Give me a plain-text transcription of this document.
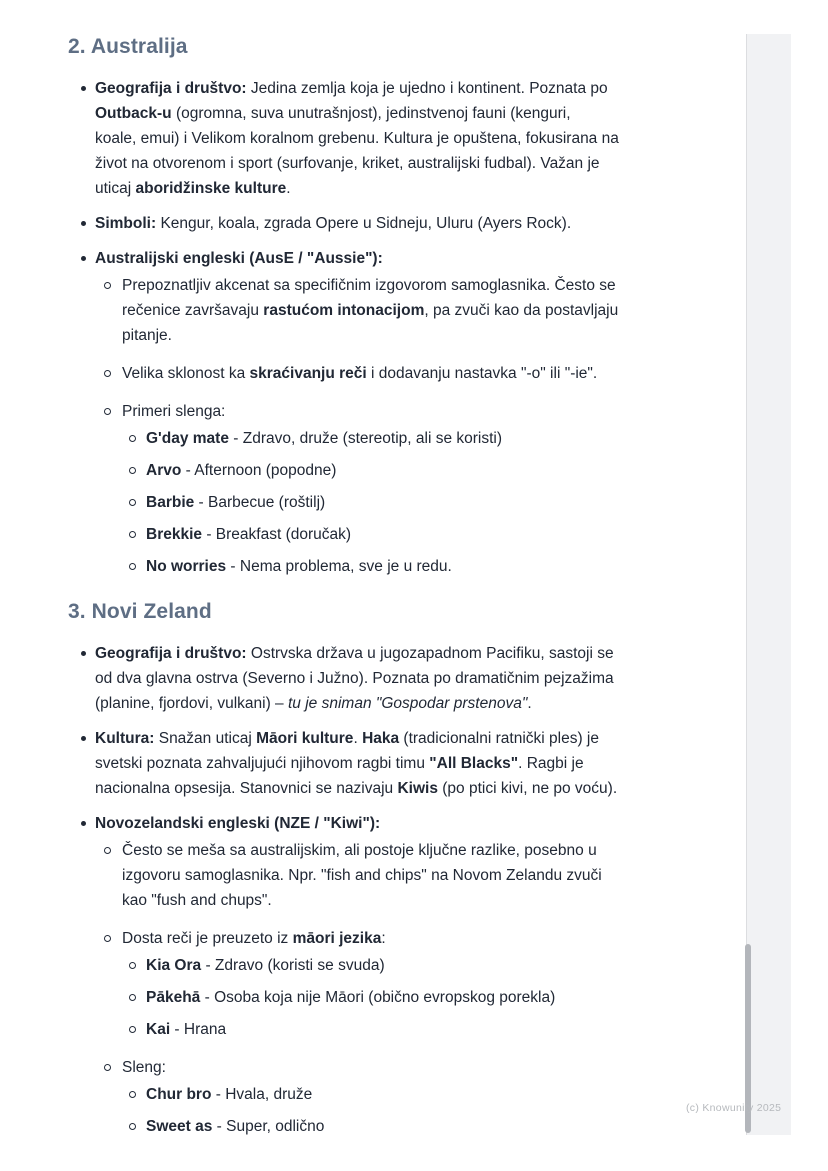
2. Australija
Geografija i društvo: Jedina zemlja koja je ujedno i kontinent. Poznata po
Outback-u (ogromna, suva unutrašnjost), jedinstvenoj fauni (kenguri,
koale, emui) i Velikom koralnom grebenu. Kultura je opuštena, fokusirana na
život na otvorenom i sport (surfovanje, kriket, australijski fudbal). Važan je
uticaj aboridžinske kulture.
Simboli: Kengur, koala, zgrada Opere u Sidneju, Uluru (Ayers Rock).
Australijski engleski (AusE / "Aussie"):
Prepoznatljiv akcenat sa specifičnim izgovorom samoglasnika. Često se
rečenice završavaju rastućom intonacijom, pa zvuči kao da postavljaju
pitanje.
Velika sklonost ka skraćivanju reči i dodavanju nastavka "-o" ili "-ie".
Primeri slenga:
G'day mate - Zdravo, druže (stereotip, ali se koristi)
Arvo - Afternoon (popodne)
Barbie - Barbecue (roštilj)
Brekkie - Breakfast (doručak)
No worries - Nema problema, sve je u redu.
3. Novi Zeland
Geografija i društvo: Ostrvska država u jugozapadnom Pacifiku, sastoji se
od dva glavna ostrva (Severno i Južno). Poznata po dramatičnim pejzažima
(planine, fjordovi, vulkani) – tu je sniman "Gospodar prstenova".
Kultura: Snažan uticaj Māori kulture. Haka (tradicionalni ratnički ples) je
svetski poznata zahvaljujući njihovom ragbi timu "All Blacks". Ragbi je
nacionalna opsesija. Stanovnici se nazivaju Kiwis (po ptici kivi, ne po voću).
Novozelandski engleski (NZE / "Kiwi"):
Često se meša sa australijskim, ali postoje ključne razlike, posebno u
izgovoru samoglasnika. Npr. "fish and chips" na Novom Zelandu zvuči
kao "fush and chups".
Dosta reči je preuzeto iz māori jezika:
Kia Ora - Zdravo (koristi se svuda)
Pākehā - Osoba koja nije Māori (obično evropskog porekla)
Kai - Hrana
Sleng:
Chur bro - Hvala, druže
Sweet as - Super, odlično
(c) Knowunity 2025
